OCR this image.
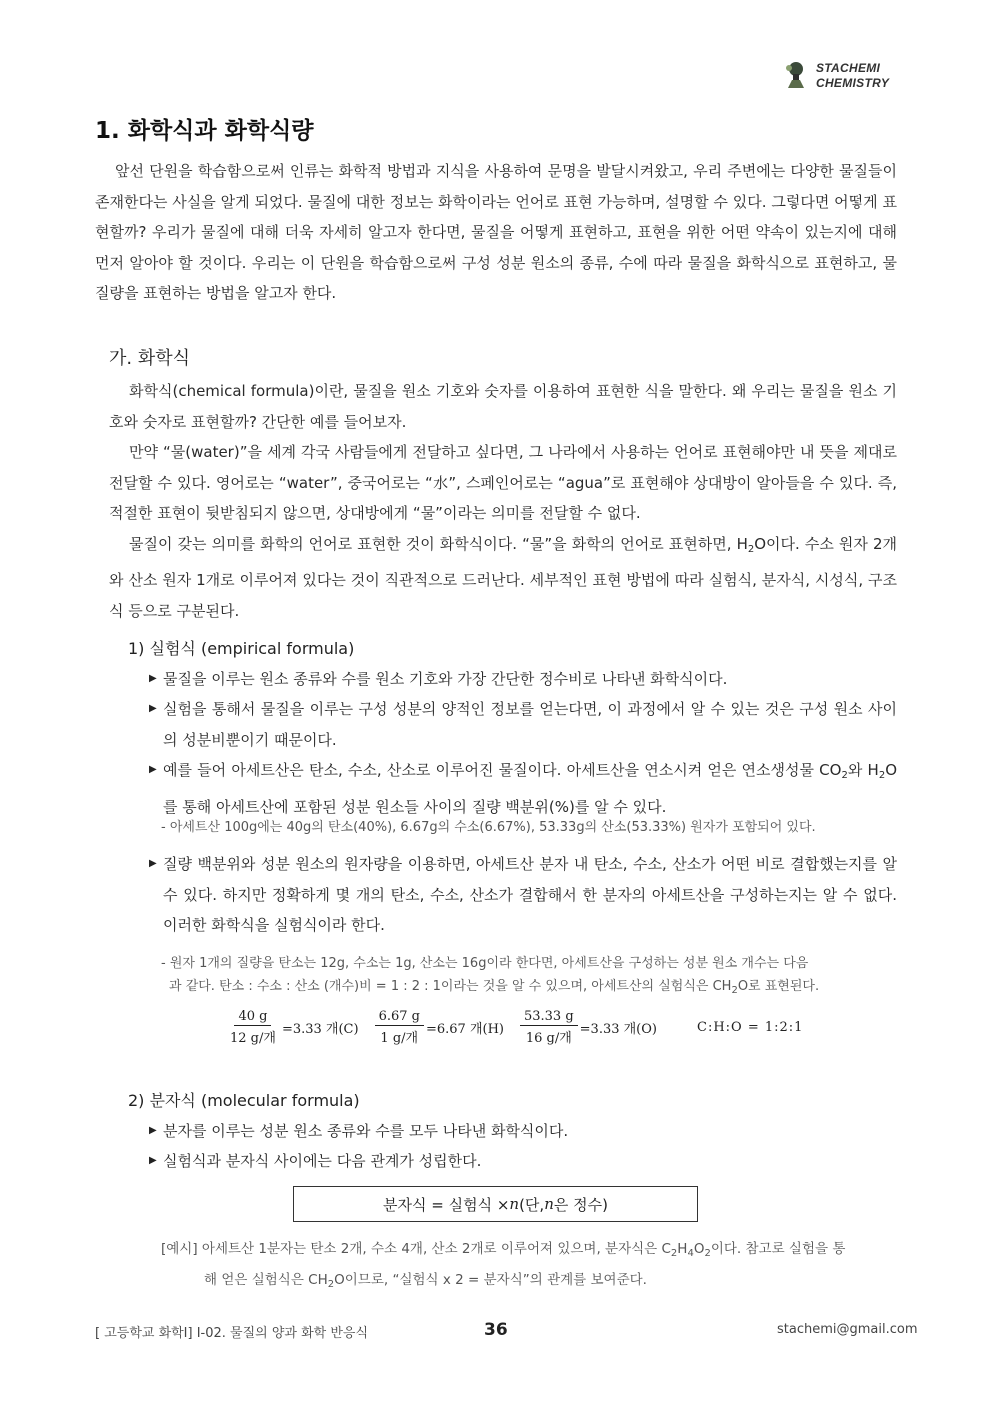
STACHEMI
CHEMISTRY
1. 화학식과 화학식량

앞선 단원을 학습함으로써 인류는 화학적 방법과 지식을 사용하여 문명을 발달시켜왔고, 우리 주변에는 다양한 물질들이 존재한다는 사실을 알게 되었다. 물질에 대한 정보는 화학이라는 언어로 표현 가능하며, 설명할 수 있다. 그렇다면 어떻게 표현할까? 우리가 물질에 대해 더욱 자세히 알고자 한다면, 물질을 어떻게 표현하고, 표현을 위한 어떤 약속이 있는지에 대해 먼저 알아야 할 것이다. 우리는 이 단원을 학습함으로써 구성 성분 원소의 종류, 수에 따라 물질을 화학식으로 표현하고, 물질량을 표현하는 방법을 알고자 한다.

가. 화학식

화학식(chemical formula)이란, 물질을 원소 기호와 숫자를 이용하여 표현한 식을 말한다. 왜 우리는 물질을 원소 기호와 숫자로 표현할까? 간단한 예를 들어보자.

만약 “물(water)”을 세계 각국 사람들에게 전달하고 싶다면, 그 나라에서 사용하는 언어로 표현해야만 내 뜻을 제대로 전달할 수 있다. 영어로는 “water”, 중국어로는 “水”, 스페인어로는 “agua”로 표현해야 상대방이 알아들을 수 있다. 즉, 적절한 표현이 뒷받침되지 않으면, 상대방에게 “물”이라는 의미를 전달할 수 없다.

물질이 갖는 의미를 화학의 언어로 표현한 것이 화학식이다. “물”을 화학의 언어로 표현하면, $H_2O$이다. 수소 원자 2개와 산소 원자 1개로 이루어져 있다는 것이 직관적으로 드러난다. 세부적인 표현 방법에 따라 실험식, 분자식, 시성식, 구조식 등으로 구분된다.

1) 실험식 (empirical formula)
▶ 물질을 이루는 원소 종류와 수를 원소 기호와 가장 간단한 정수비로 나타낸 화학식이다.
▶ 실험을 통해서 물질을 이루는 구성 성분의 양적인 정보를 얻는다면, 이 과정에서 알 수 있는 것은 구성 원소 사이의 성분비뿐이기 때문이다.
▶ 예를 들어 아세트산은 탄소, 수소, 산소로 이루어진 물질이다. 아세트산을 연소시켜 얻은 연소생성물 $CO_2$와 $H_2O$를 통해 아세트산에 포함된 성분 원소들 사이의 질량 백분위(%)를 알 수 있다.

- 아세트산 100g에는 40g의 탄소(40%), 6.67g의 수소(6.67%), 53.33g의 산소(53.33%) 원자가 포함되어 있다.

▶ 질량 백분위와 성분 원소의 원자량을 이용하면, 아세트산 분자 내 탄소, 수소, 산소가 어떤 비로 결합했는지를 알 수 있다. 하지만 정확하게 몇 개의 탄소, 수소, 산소가 결합해서 한 분자의 아세트산을 구성하는지는 알 수 없다. 이러한 화학식을 실험식이라 한다.

- 원자 1개의 질량을 탄소는 12g, 수소는 1g, 산소는 16g이라 한다면, 아세트산을 구성하는 성분 원소 개수는 다음

과 같다. 탄소 : 수소 : 산소 (개수)비 = 1 : 2 : 1이라는 것을 알 수 있으며, 아세트산의 실험식은 $CH_2O$로 표현된다.

$\frac{40 g}{\text{12 g/개}} =3.33$ 개$(C) \frac{6.67 g}{\text{1 g/개}} =6.67$ 개$(H) \frac{53.33 g}{\text{16 g/개}} =3.33$ 개(O)	C:H:O = 1:2:1
2) 분자식 (molecular formula)
▶ 분자를 이루는 성분 원소 종류와 수를 모두 나타낸 화학식이다.
▶ 실험식과 분자식 사이에는 다음 관계가 성립한다.
분자식 = 실험식 × n (단, n 은 정수)
[예시] 아세트산 1분자는 탄소 2개, 수소 4개, 산소 2개로 이루어져 있으며, 분자식은 $C_2H_4O_2$이다. 참고로 실험을 통
해 얻은 실험식은 $CH_2O$이므로, “실험식 x 2 = 분자식”의 관계를 보여준다.
[ 고등학교 화학Ⅰ] Ⅰ-02. 물질의 양과 화학 반응식	36	stachemi@gmail.com
